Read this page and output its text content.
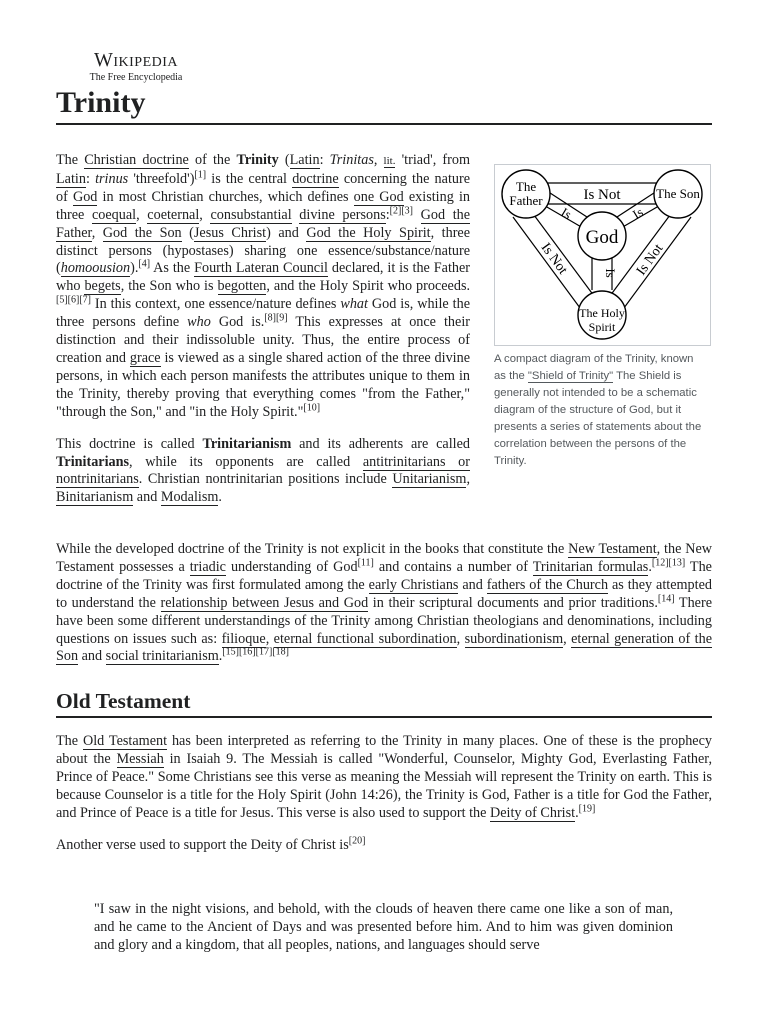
Wikipedia
The Free Encyclopedia
Trinity

The Christian doctrine of the Trinity (Latin: Trinitas, lit. 'triad', from Latin: trinus 'threefold')[1] is the central doctrine concerning the nature of God in most Christian churches, which defines one God existing in three coequal, coeternal, consubstantial divine persons:[2][3] God the Father, God the Son (Jesus Christ) and God the Holy Spirit, three distinct persons (hypostases) sharing one essence/substance/nature (homoousion).[4] As the Fourth Lateran Council declared, it is the Father who begets, the Son who is begotten, and the Holy Spirit who proceeds.[5][6][7] In this context, one essence/nature defines what God is, while the three persons define who God is.[8][9] This expresses at once their distinction and their indissoluble unity. Thus, the entire process of creation and grace is viewed as a single shared action of the three divine persons, in which each person manifests the attributes unique to them in the Trinity, thereby proving that everything comes "from the Father," "through the Son," and "in the Holy Spirit."[10]

This doctrine is called Trinitarianism and its adherents are called Trinitarians, while its opponents are called antitrinitarians or nontrinitarians. Christian nontrinitarian positions include Unitarianism, Binitarianism and Modalism.

The
Father	The Son
God
The Holy
Spirit
Is Not
Is	Is
Is
Is Not	Is Not
A compact diagram of the Trinity, known as the "Shield of Trinity" The Shield is generally not intended to be a schematic diagram of the structure of God, but it presents a series of statements about the correlation between the persons of the Trinity.

While the developed doctrine of the Trinity is not explicit in the books that constitute the New Testament, the New Testament possesses a triadic understanding of God[11] and contains a number of Trinitarian formulas.[12][13] The doctrine of the Trinity was first formulated among the early Christians and fathers of the Church as they attempted to understand the relationship between Jesus and God in their scriptural documents and prior traditions.[14] There have been some different understandings of the Trinity among Christian theologians and denominations, including questions on issues such as: filioque, eternal functional subordination, subordinationism, eternal generation of the Son and social trinitarianism.[15][16][17][18]

Old Testament

The Old Testament has been interpreted as referring to the Trinity in many places. One of these is the prophecy about the Messiah in Isaiah 9. The Messiah is called "Wonderful, Counselor, Mighty God, Everlasting Father, Prince of Peace." Some Christians see this verse as meaning the Messiah will represent the Trinity on earth. This is because Counselor is a title for the Holy Spirit (John 14:26), the Trinity is God, Father is a title for God the Father, and Prince of Peace is a title for Jesus. This verse is also used to support the Deity of Christ.[19]

Another verse used to support the Deity of Christ is[20]

"I saw in the night visions, and behold, with the clouds of heaven there came one like a son of man, and he came to the Ancient of Days and was presented before him. And to him was given dominion and glory and a kingdom, that all peoples, nations, and languages should serve
